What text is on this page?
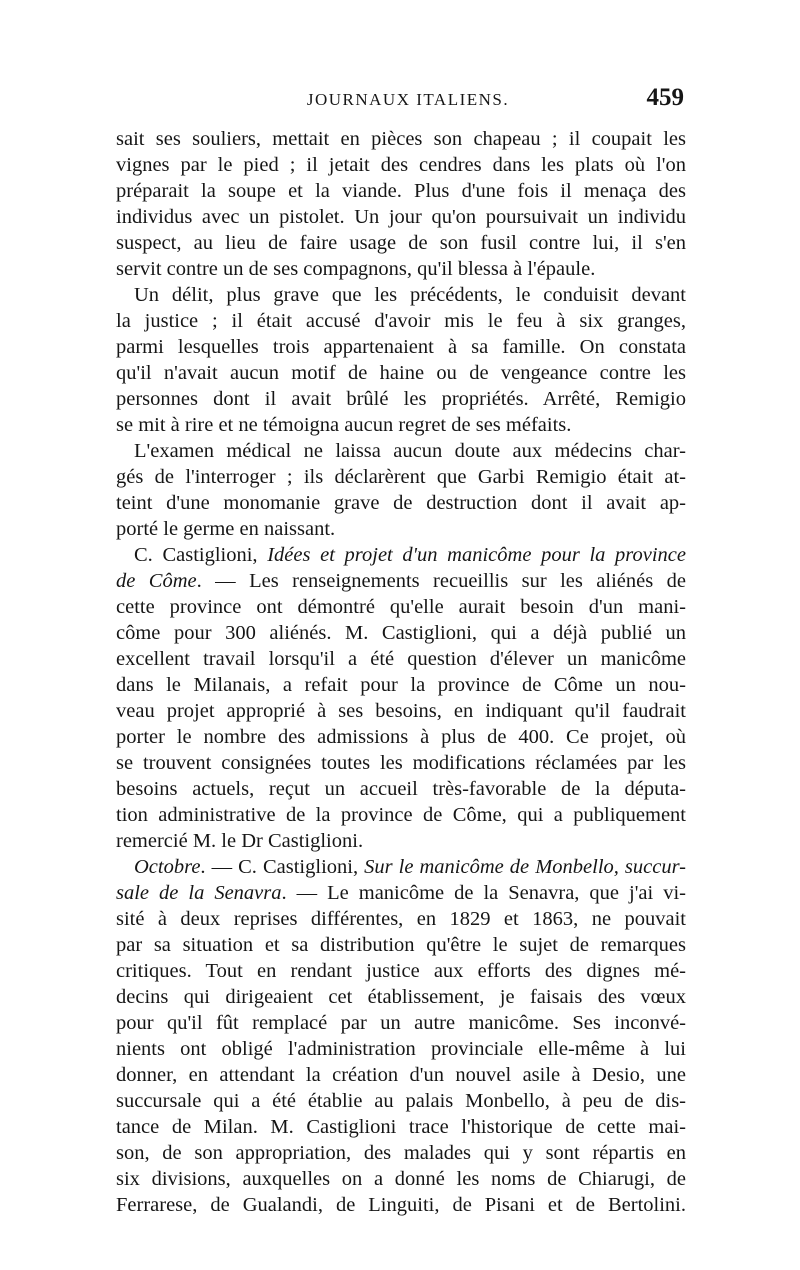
JOURNAUX ITALIENS.	459
sait ses souliers, mettait en pièces son chapeau ; il coupait les
vignes par le pied ; il jetait des cendres dans les plats où l'on
préparait la soupe et la viande. Plus d'une fois il menaça des
individus avec un pistolet. Un jour qu'on poursuivait un individu
suspect, au lieu de faire usage de son fusil contre lui, il s'en
servit contre un de ses compagnons, qu'il blessa à l'épaule.
Un délit, plus grave que les précédents, le conduisit devant
la justice ; il était accusé d'avoir mis le feu à six granges,
parmi lesquelles trois appartenaient à sa famille. On constata
qu'il n'avait aucun motif de haine ou de vengeance contre les
personnes dont il avait brûlé les propriétés. Arrêté, Remigio
se mit à rire et ne témoigna aucun regret de ses méfaits.
L'examen médical ne laissa aucun doute aux médecins char-
gés de l'interroger ; ils déclarèrent que Garbi Remigio était at-
teint d'une monomanie grave de destruction dont il avait ap-
porté le germe en naissant.
C. Castiglioni, Idées et projet d'un manicôme pour la province
de Côme. — Les renseignements recueillis sur les aliénés de
cette province ont démontré qu'elle aurait besoin d'un mani-
côme pour 300 aliénés. M. Castiglioni, qui a déjà publié un
excellent travail lorsqu'il a été question d'élever un manicôme
dans le Milanais, a refait pour la province de Côme un nou-
veau projet approprié à ses besoins, en indiquant qu'il faudrait
porter le nombre des admissions à plus de 400. Ce projet, où
se trouvent consignées toutes les modifications réclamées par les
besoins actuels, reçut un accueil très-favorable de la députa-
tion administrative de la province de Côme, qui a publiquement
remercié M. le Dr Castiglioni.
Octobre. — C. Castiglioni, Sur le manicôme de Monbello, succur-
sale de la Senavra. — Le manicôme de la Senavra, que j'ai vi-
sité à deux reprises différentes, en 1829 et 1863, ne pouvait
par sa situation et sa distribution qu'être le sujet de remarques
critiques. Tout en rendant justice aux efforts des dignes mé-
decins qui dirigeaient cet établissement, je faisais des vœux
pour qu'il fût remplacé par un autre manicôme. Ses inconvé-
nients ont obligé l'administration provinciale elle-même à lui
donner, en attendant la création d'un nouvel asile à Desio, une
succursale qui a été établie au palais Monbello, à peu de dis-
tance de Milan. M. Castiglioni trace l'historique de cette mai-
son, de son appropriation, des malades qui y sont répartis en
six divisions, auxquelles on a donné les noms de Chiarugi, de
Ferrarese, de Gualandi, de Linguiti, de Pisani et de Bertolini.
